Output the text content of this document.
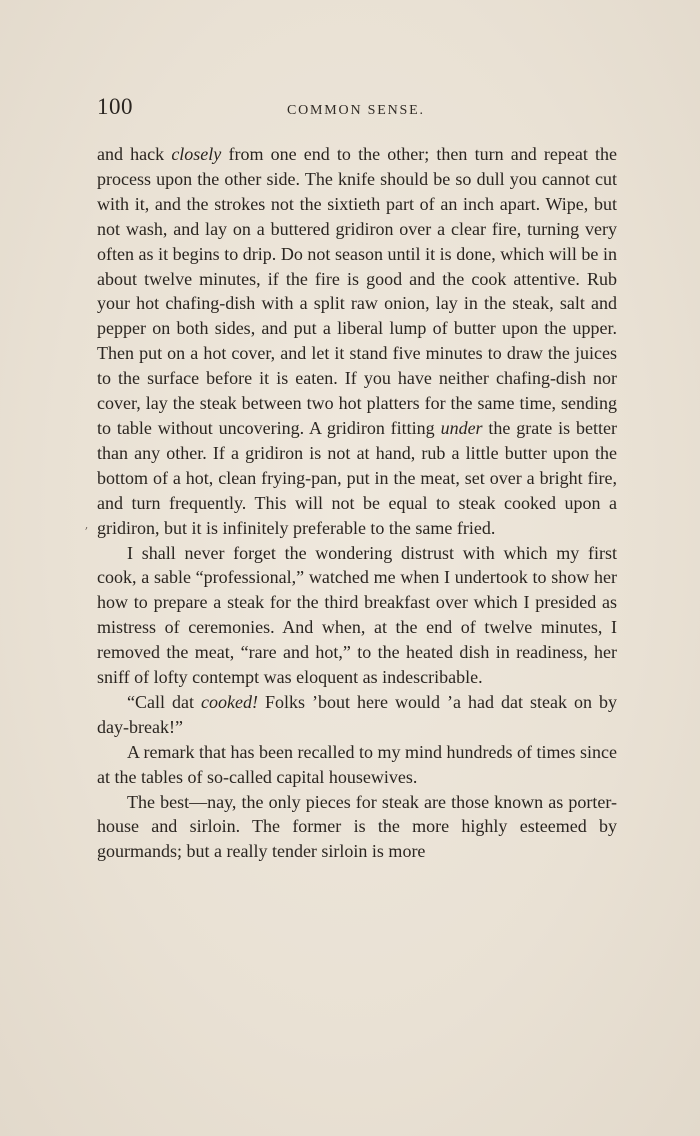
100	COMMON SENSE.

and hack closely from one end to the other; then turn and repeat the process upon the other side. The knife should be so dull you cannot cut with it, and the strokes not the sixtieth part of an inch apart. Wipe, but not wash, and lay on a buttered gridiron over a clear fire, turning very often as it begins to drip. Do not season until it is done, which will be in about twelve minutes, if the fire is good and the cook attentive. Rub your hot chafing-dish with a split raw onion, lay in the steak, salt and pepper on both sides, and put a liberal lump of butter upon the upper. Then put on a hot cover, and let it stand five minutes to draw the juices to the surface before it is eaten. If you have neither chafing-dish nor cover, lay the steak between two hot platters for the same time, sending to table without uncovering. A gridiron fitting under the grate is better than any other. If a gridiron is not at hand, rub a little butter upon the bottom of a hot, clean frying-pan, put in the meat, set over a bright fire, and turn frequently. This will not be equal to steak cooked upon a gridiron, but it is infinitely preferable to the same fried.

I shall never forget the wondering distrust with which my first cook, a sable “professional,” watched me when I undertook to show her how to prepare a steak for the third breakfast over which I presided as mistress of ceremonies. And when, at the end of twelve minutes, I removed the meat, “rare and hot,” to the heated dish in readiness, her sniff of lofty contempt was eloquent as indescribable.

“Call dat cooked! Folks ’bout here would ’a had dat steak on by day-break!”

A remark that has been recalled to my mind hundreds of times since at the tables of so-called capital housewives.

The best—nay, the only pieces for steak are those known as porter-house and sirloin. The former is the more highly esteemed by gourmands; but a really tender sirloin is more

ʼ
